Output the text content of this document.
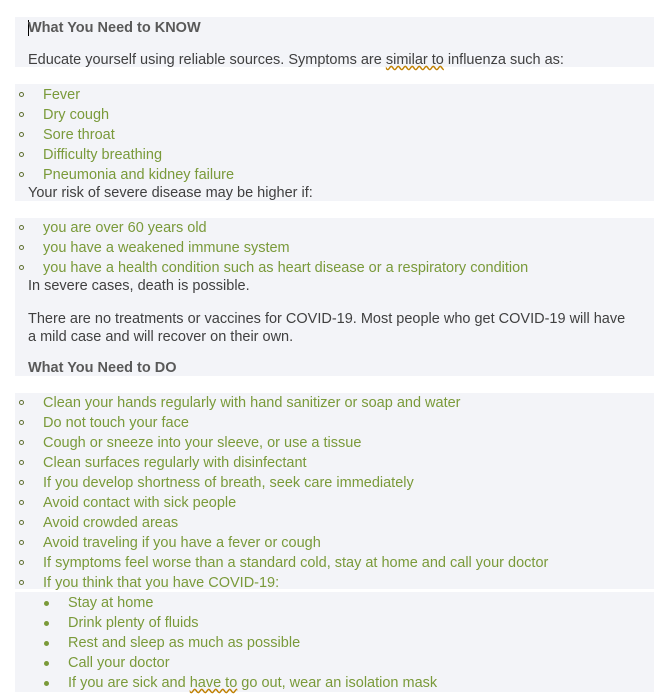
What You Need to KNOW

Educate yourself using reliable sources. Symptoms are similar to influenza such as:

Fever
Dry cough
Sore throat
Difficulty breathing
Pneumonia and kidney failure

Your risk of severe disease may be higher if:

you are over 60 years old
you have a weakened immune system
you have a health condition such as heart disease or a respiratory condition

In severe cases, death is possible.

There are no treatments or vaccines for COVID-19. Most people who get COVID-19 will have a mild case and will recover on their own.

What You Need to DO

Clean your hands regularly with hand sanitizer or soap and water
Do not touch your face
Cough or sneeze into your sleeve, or use a tissue
Clean surfaces regularly with disinfectant
If you develop shortness of breath, seek care immediately
Avoid contact with sick people
Avoid crowded areas
Avoid traveling if you have a fever or cough
If symptoms feel worse than a standard cold, stay at home and call your doctor
If you think that you have COVID-19:
Stay at home
Drink plenty of fluids
Rest and sleep as much as possible
Call your doctor
If you are sick and have to go out, wear an isolation mask
